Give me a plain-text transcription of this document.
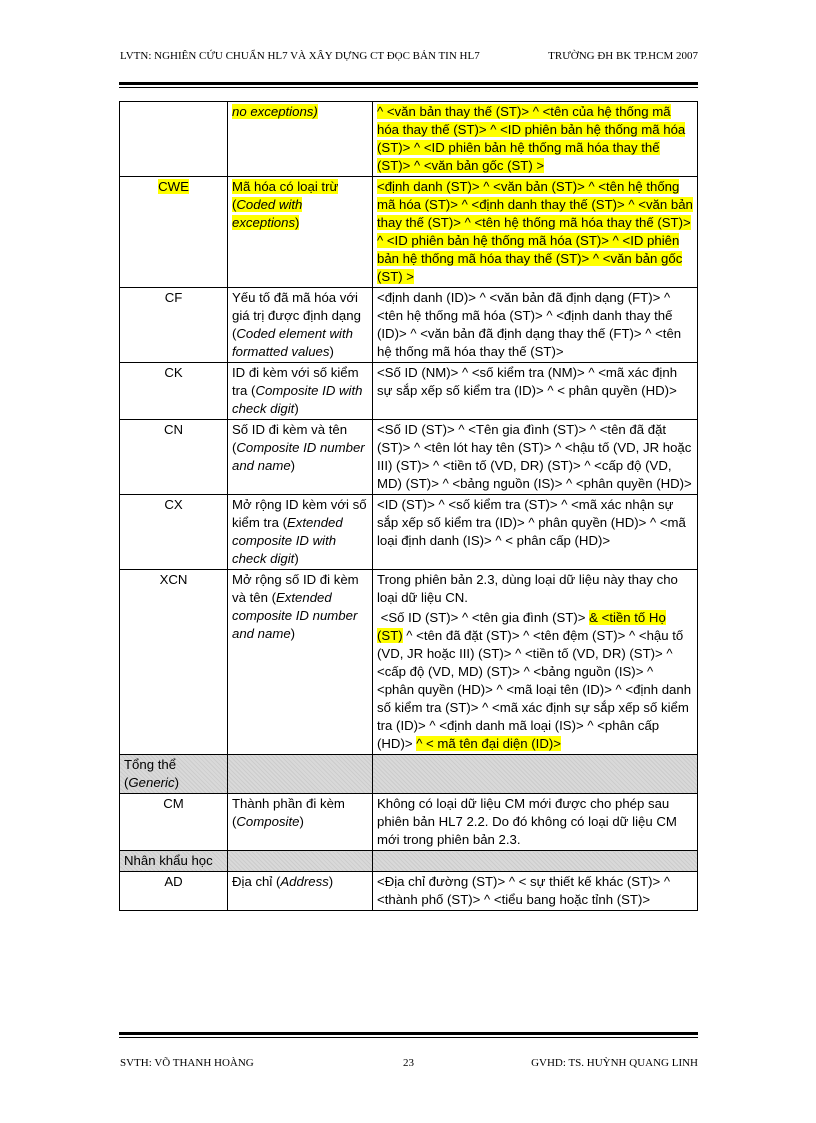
LVTN: NGHIÊN CỨU CHUẨN HL7 VÀ XÂY DỰNG CT ĐỌC BẢN TIN HL7	TRƯỜNG ĐH BK TP.HCM 2007
	no exceptions)	^ <văn bản thay thế (ST)> ^ <tên của hệ thống mã hóa thay thế (ST)> ^ <ID phiên bản hệ thống mã hóa (ST)> ^ <ID phiên bản hệ thống mã hóa thay thế (ST)> ^ <văn bản gốc (ST) >
CWE	Mã hóa có loại trừ (Coded with exceptions)	<định danh (ST)> ^ <văn bản (ST)> ^ <tên hệ thống mã hóa (ST)> ^ <định danh thay thế (ST)> ^ <văn bản thay thế (ST)> ^ <tên hệ thống mã hóa thay thế (ST)> ^ <ID phiên bản hệ thống mã hóa (ST)> ^ <ID phiên bản hệ thống mã hóa thay thế (ST)> ^ <văn bản gốc (ST) >
CF	Yếu tố đã mã hóa với giá trị được định dạng (Coded element with formatted values)	<định danh (ID)> ^ <văn bản đã định dạng (FT)> ^ <tên hệ thống mã hóa (ST)> ^ <định danh thay thế (ID)> ^ <văn bản đã định dạng thay thế (FT)> ^ <tên hệ thống mã hóa thay thế (ST)>
CK	ID đi kèm với số kiểm tra (Composite ID with check digit)	<Số ID (NM)> ^ <số kiểm tra (NM)> ^ <mã xác định sự sắp xếp số kiểm tra (ID)> ^ < phân quyền (HD)>
CN	Số ID đi kèm và tên (Composite ID number and name)	<Số ID (ST)> ^ <Tên gia đình (ST)> ^ <tên đã đặt (ST)> ^ <tên lót hay tên (ST)> ^ <hậu tố (VD, JR hoặc III) (ST)> ^ <tiền tố (VD, DR) (ST)> ^ <cấp độ (VD, MD) (ST)> ^ <bảng nguồn (IS)> ^ <phân quyền (HD)>
CX	Mở rộng ID kèm với số kiểm tra (Extended composite ID with check digit)	<ID (ST)> ^ <số kiểm tra (ST)> ^ <mã xác nhận sự sắp xếp số kiểm tra (ID)> ^ phân quyền (HD)> ^ <mã loại định danh (IS)> ^ < phân cấp (HD)>
XCN	Mở rộng số ID đi kèm và tên (Extended composite ID number and name)	Trong phiên bản 2.3, dùng loại dữ liệu này thay cho loại dữ liệu CN.
<Số ID (ST)> ^ <tên gia đình (ST)> & <tiền tố Họ (ST) ^ <tên đã đặt (ST)> ^ <tên đệm (ST)> ^ <hậu tố (VD, JR hoặc III) (ST)> ^ <tiền tố (VD, DR) (ST)> ^ <cấp độ (VD, MD) (ST)> ^ <bảng nguồn (IS)> ^ <phân quyền (HD)> ^ <mã loại tên (ID)> ^ <định danh số kiểm tra (ST)> ^ <mã xác định sự sắp xếp số kiểm tra (ID)> ^ <định danh mã loại (IS)> ^ <phân cấp (HD)> ^ < mã tên đại diện (ID)>

Tổng thể
(Generic)		
CM	Thành phần đi kèm (Composite)	Không có loại dữ liệu CM mới được cho phép sau phiên bản HL7 2.2. Do đó không có loại dữ liệu CM mới trong phiên bản 2.3.
Nhân khẩu học		
AD	Địa chỉ (Address)	<Địa chỉ đường (ST)> ^ < sự thiết kế khác (ST)> ^ <thành phố (ST)> ^ <tiểu bang hoặc tỉnh (ST)>
SVTH: VÕ THANH HOÀNG	23	GVHD: TS. HUỲNH QUANG LINH
